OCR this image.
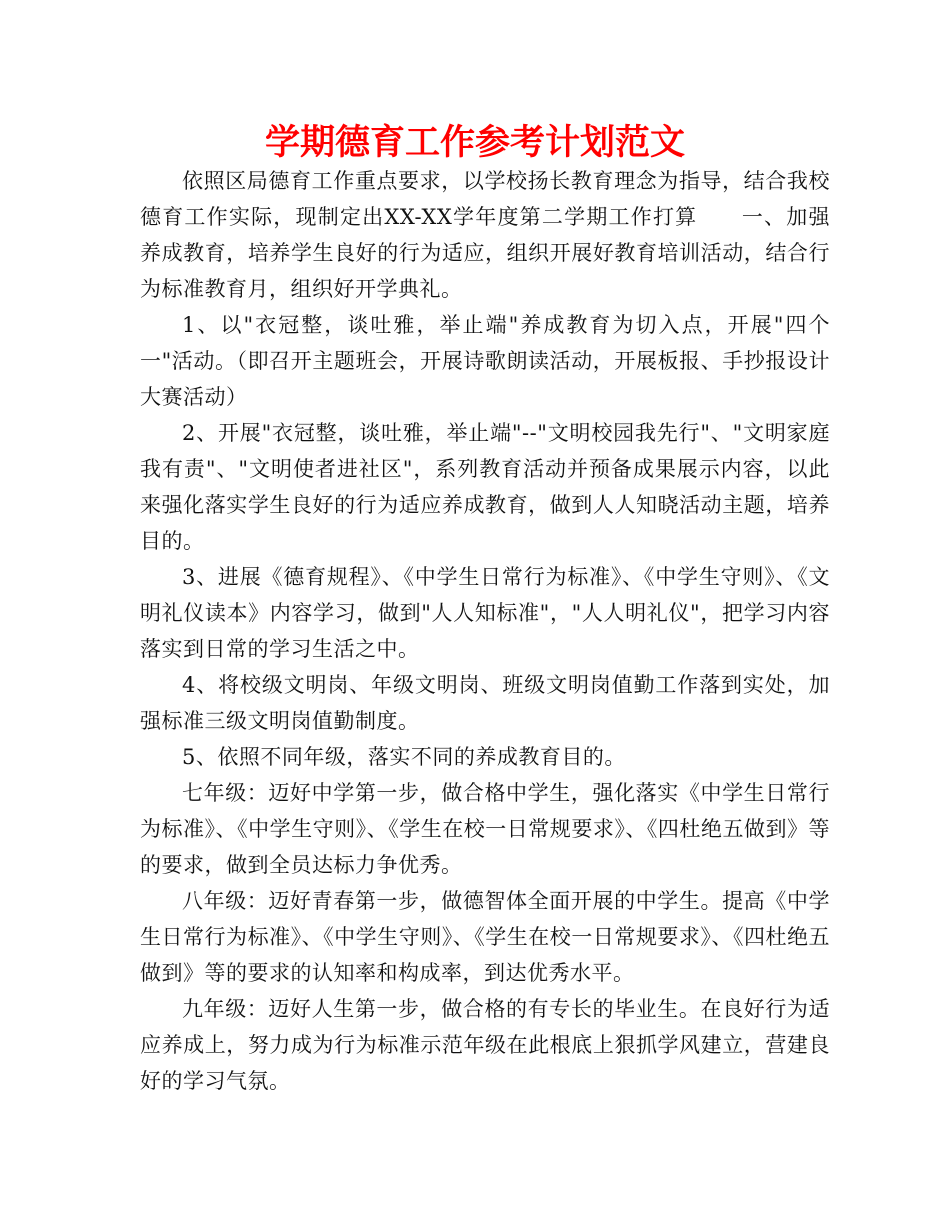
学期德育工作参考计划范文

依照区局德育工作重点要求，以学校扬长教育理念为指导，结合我校德育工作实际，现制定出XX-XX学年度第二学期工作打算　　一、加强养成教育，培养学生良好的行为适应，组织开展好教育培训活动，结合行为标准教育月，组织好开学典礼。

1、以"衣冠整，谈吐雅，举止端"养成教育为切入点，开展"四个一"活动。（即召开主题班会，开展诗歌朗读活动，开展板报、手抄报设计大赛活动）

2、开展"衣冠整，谈吐雅，举止端"--"文明校园我先行"、"文明家庭我有责"、"文明使者进社区"，系列教育活动并预备成果展示内容，以此来强化落实学生良好的行为适应养成教育，做到人人知晓活动主题，培养目的。

3、进展《德育规程》、《中学生日常行为标准》、《中学生守则》、《文明礼仪读本》内容学习，做到"人人知标准"，"人人明礼仪"，把学习内容落实到日常的学习生活之中。

4、将校级文明岗、年级文明岗、班级文明岗值勤工作落到实处，加强标准三级文明岗值勤制度。

5、依照不同年级，落实不同的养成教育目的。

七年级：迈好中学第一步，做合格中学生，强化落实《中学生日常行为标准》、《中学生守则》、《学生在校一日常规要求》、《四杜绝五做到》等的要求，做到全员达标力争优秀。

八年级：迈好青春第一步，做德智体全面开展的中学生。提高《中学生日常行为标准》、《中学生守则》、《学生在校一日常规要求》、《四杜绝五做到》等的要求的认知率和构成率，到达优秀水平。

九年级：迈好人生第一步，做合格的有专长的毕业生。在良好行为适应养成上，努力成为行为标准示范年级在此根底上狠抓学风建立，营建良好的学习气氛。
